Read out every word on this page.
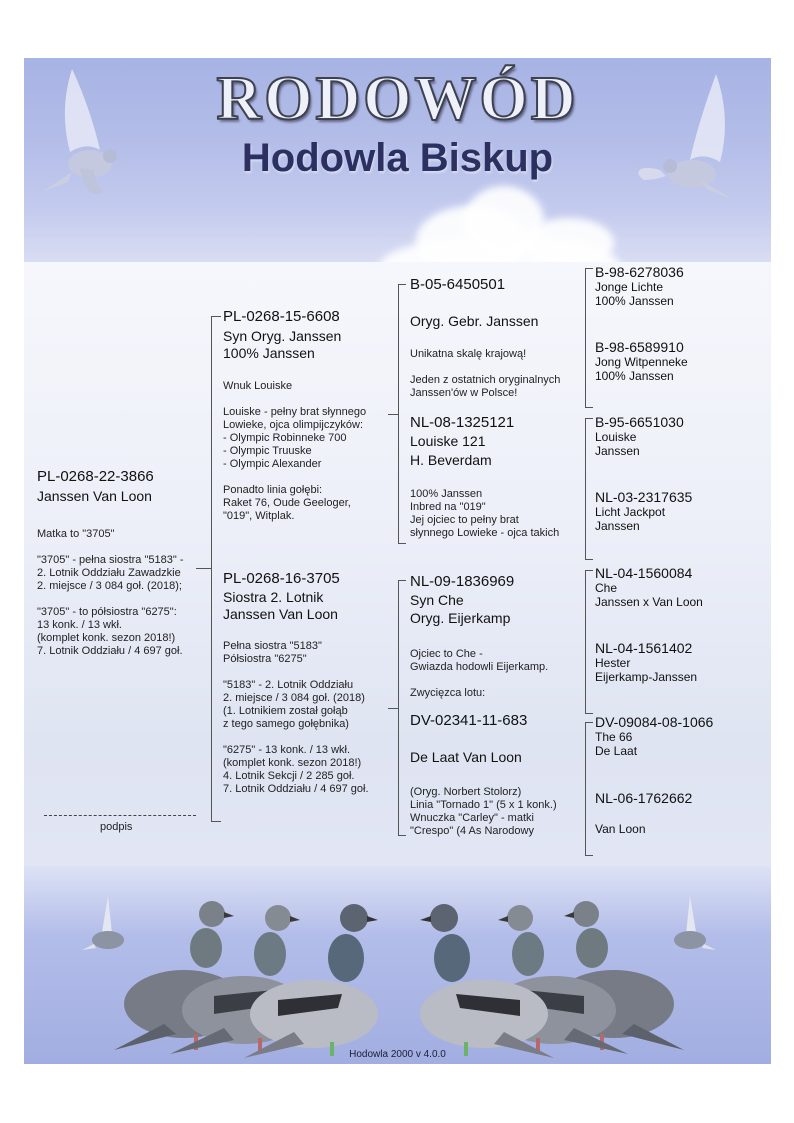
RODOWÓD
Hodowla Biskup
PL-0268-22-3866
Janssen Van Loon
Matka to "3705"

"3705" - pełna siostra "5183" -
2. Lotnik Oddziału Zawadzkie
2. miejsce / 3 084 goł. (2018);

"3705" - to półsiostra "6275":
13 konk. / 13 wkł.
(komplet konk. sezon 2018!)
7. Lotnik Oddziału / 4 697 goł.
PL-0268-15-6608
Syn Oryg. Janssen
100% Janssen
Wnuk Louiske

Louiske - pełny brat słynnego
Lowieke, ojca olimpijczyków:
- Olympic Robinneke 700
- Olympic Truuske
- Olympic Alexander

Ponadto linia gołębi:
Raket 76, Oude Geeloger,
"019", Witplak.
PL-0268-16-3705
Siostra 2. Lotnik
Janssen Van Loon
Pełna siostra "5183"
Półsiostra "6275"

"5183" - 2. Lotnik Oddziału
2. miejsce / 3 084 goł. (2018)
(1. Lotnikiem został gołąb
z tego samego gołębnika)

"6275" - 13 konk. / 13 wkł.
(komplet konk. sezon 2018!)
4. Lotnik Sekcji / 2 285 goł.
7. Lotnik Oddziału / 4 697 goł.
B-05-6450501
Oryg. Gebr. Janssen
Unikatna skalę krajową!

Jeden z ostatnich oryginalnych
Janssen'ów w Polsce!
NL-08-1325121
Louiske 121
H. Beverdam
100% Janssen
Inbred na "019"
Jej ojciec to pełny brat
słynnego Lowieke - ojca takich
NL-09-1836969
Syn Che
Oryg. Eijerkamp
Ojciec to Che -
Gwiazda hodowli Eijerkamp.

Zwycięzca lotu:
DV-02341-11-683
De Laat Van Loon
(Oryg. Norbert Stolorz)
Linia "Tornado 1" (5 x 1 konk.)
Wnuczka "Carley" - matki
"Crespo" (4 As Narodowy
B-98-6278036
Jonge Lichte
100% Janssen
B-98-6589910
Jong Witpenneke
100% Janssen
B-95-6651030
Louiske
Janssen
NL-03-2317635
Licht Jackpot
Janssen
NL-04-1560084
Che
Janssen x Van Loon
NL-04-1561402
Hester
Eijerkamp-Janssen
DV-09084-08-1066
The 66
De Laat
NL-06-1762662

Van Loon
podpis
Hodowla 2000 v 4.0.0
